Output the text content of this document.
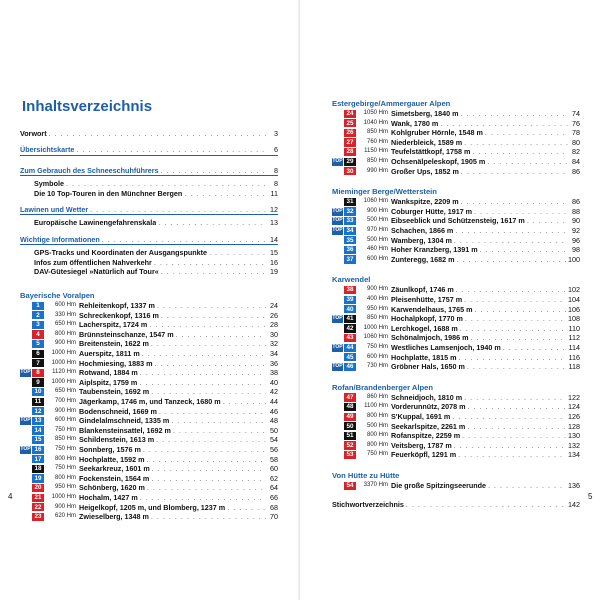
Inhaltsverzeichnis
Vorwort . . .	3
Übersichtskarte . . .	6
Zum Gebrauch des Schneeschuhführers . . .	8
Symbole . . .	8
Die 10 Top-Touren in den Münchner Bergen . . .	11
Lawinen und Wetter . . .	12
Europäische Lawinengefahrenskala . . .	13
Wichtige Informationen . . .	14
GPS-Tracks und Koordinaten der Ausgangspunkte . . .	15
Infos zum öffentlichen Nahverkehr . . .	16
DAV-Gütesiegel »Natürlich auf Tour« . . .	19
Bayerische Voralpen
1	600 Hm Rehleitenkopf, 1337 m . . .	24
2	330 Hm Schreckenkopf, 1316 m . . .	26
3	650 Hm Lacherspitz, 1724 m . . .	28
4	800 Hm Brünnsteinschanze, 1547 m . . .	30
5	900 Hm Breitenstein, 1622 m . . .	32
6	1000 Hm Auerspitz, 1811 m . . .	34
7	1000 Hm Hochmiesing, 1883 m . . .	36
TOP 8	1120 Hm Rotwand, 1884 m . . .	38
9	1000 Hm Aiplspitz, 1759 m . . .	40
10	650 Hm Taubenstein, 1692 m . . .	42
11	700 Hm Jägerkamp, 1746 m, und Tanzeck, 1680 m . . .	44
12	900 Hm Bodenschneid, 1669 m . . .	46
TOP 13	600 Hm Gindelalmschneid, 1335 m . . .	48
14	750 Hm Blankensteinsattel, 1692 m . . .	50
15	850 Hm Schildenstein, 1613 m . . .	54
TOP 16	750 Hm Sonnberg, 1576 m . . .	56
17	800 Hm Hochplatte, 1592 m . . .	58
18	750 Hm Seekarkreuz, 1601 m . . .	60
19	800 Hm Fockenstein, 1564 m . . .	62
20	950 Hm Schönberg, 1620 m . . .	64
21	1000 Hm Hochalm, 1427 m . . .	66
22	900 Hm Heigelkopf, 1205 m, und Blomberg, 1237 m . . .	68
23	620 Hm Zwieselberg, 1348 m . . .	70
4
Estergebirge/Ammergauer Alpen
24	1050 Hm Simetsberg, 1840 m . . .	74
25	1040 Hm Wank, 1780 m . . .	76
26	850 Hm Kohlgruber Hörnle, 1548 m . . .	78
27	760 Hm Niederbleick, 1589 m . . .	80
28	1150 Hm Teufelstättkopf, 1758 m . . .	82
TOP 29	850 Hm Ochsenälpeleskopf, 1905 m . . .	84
30	990 Hm Großer Ups, 1852 m . . .	86
Mieminger Berge/Wetterstein
31	1060 Hm Wankspitze, 2209 m . . .	86
TOP 32	900 Hm Coburger Hütte, 1917 m . . .	88
TOP 33	500 Hm Eibseeblick und Schützensteig, 1617 m . . .	90
TOP 34	970 Hm Schachen, 1866 m . . .	92
35	500 Hm Wamberg, 1304 m . . .	96
36	460 Hm Hoher Kranzberg, 1391 m . . .	98
37	600 Hm Zunteregg, 1682 m . . .	100
Karwendel
38	900 Hm Zäunlkopf, 1746 m . . .	102
39	400 Hm Pleisenhütte, 1757 m . . .	104
40	950 Hm Karwendelhaus, 1765 m . . .	106
TOP 41	850 Hm Hochalpkopf, 1770 m . . .	108
42	1000 Hm Lerchkogel, 1688 m . . .	110
43	1060 Hm Schönalmjoch, 1986 m . . .	112
TOP 44	750 Hm Westliches Lamsenjoch, 1940 m . . .	114
45	600 Hm Hochplatte, 1815 m . . .	116
TOP 46	730 Hm Gröbner Hals, 1650 m . . .	118
Rofan/Brandenberger Alpen
47	860 Hm Schneidjoch, 1810 m . . .	122
48	1100 Hm Vorderunnütz, 2078 m . . .	124
49	800 Hm S'Kuppal, 1691 m . . .	126
50	500 Hm Seekarlspitze, 2261 m . . .	128
51	800 Hm Rofanspitze, 2259 m . . .	130
52	800 Hm Veitsberg, 1787 m . . .	132
53	750 Hm Feuerköpfl, 1291 m . . .	134
Von Hütte zu Hütte
54	3370 Hm Die große Spitzingseerunde . . .	136
Stichwortverzeichnis . . .	142
5
